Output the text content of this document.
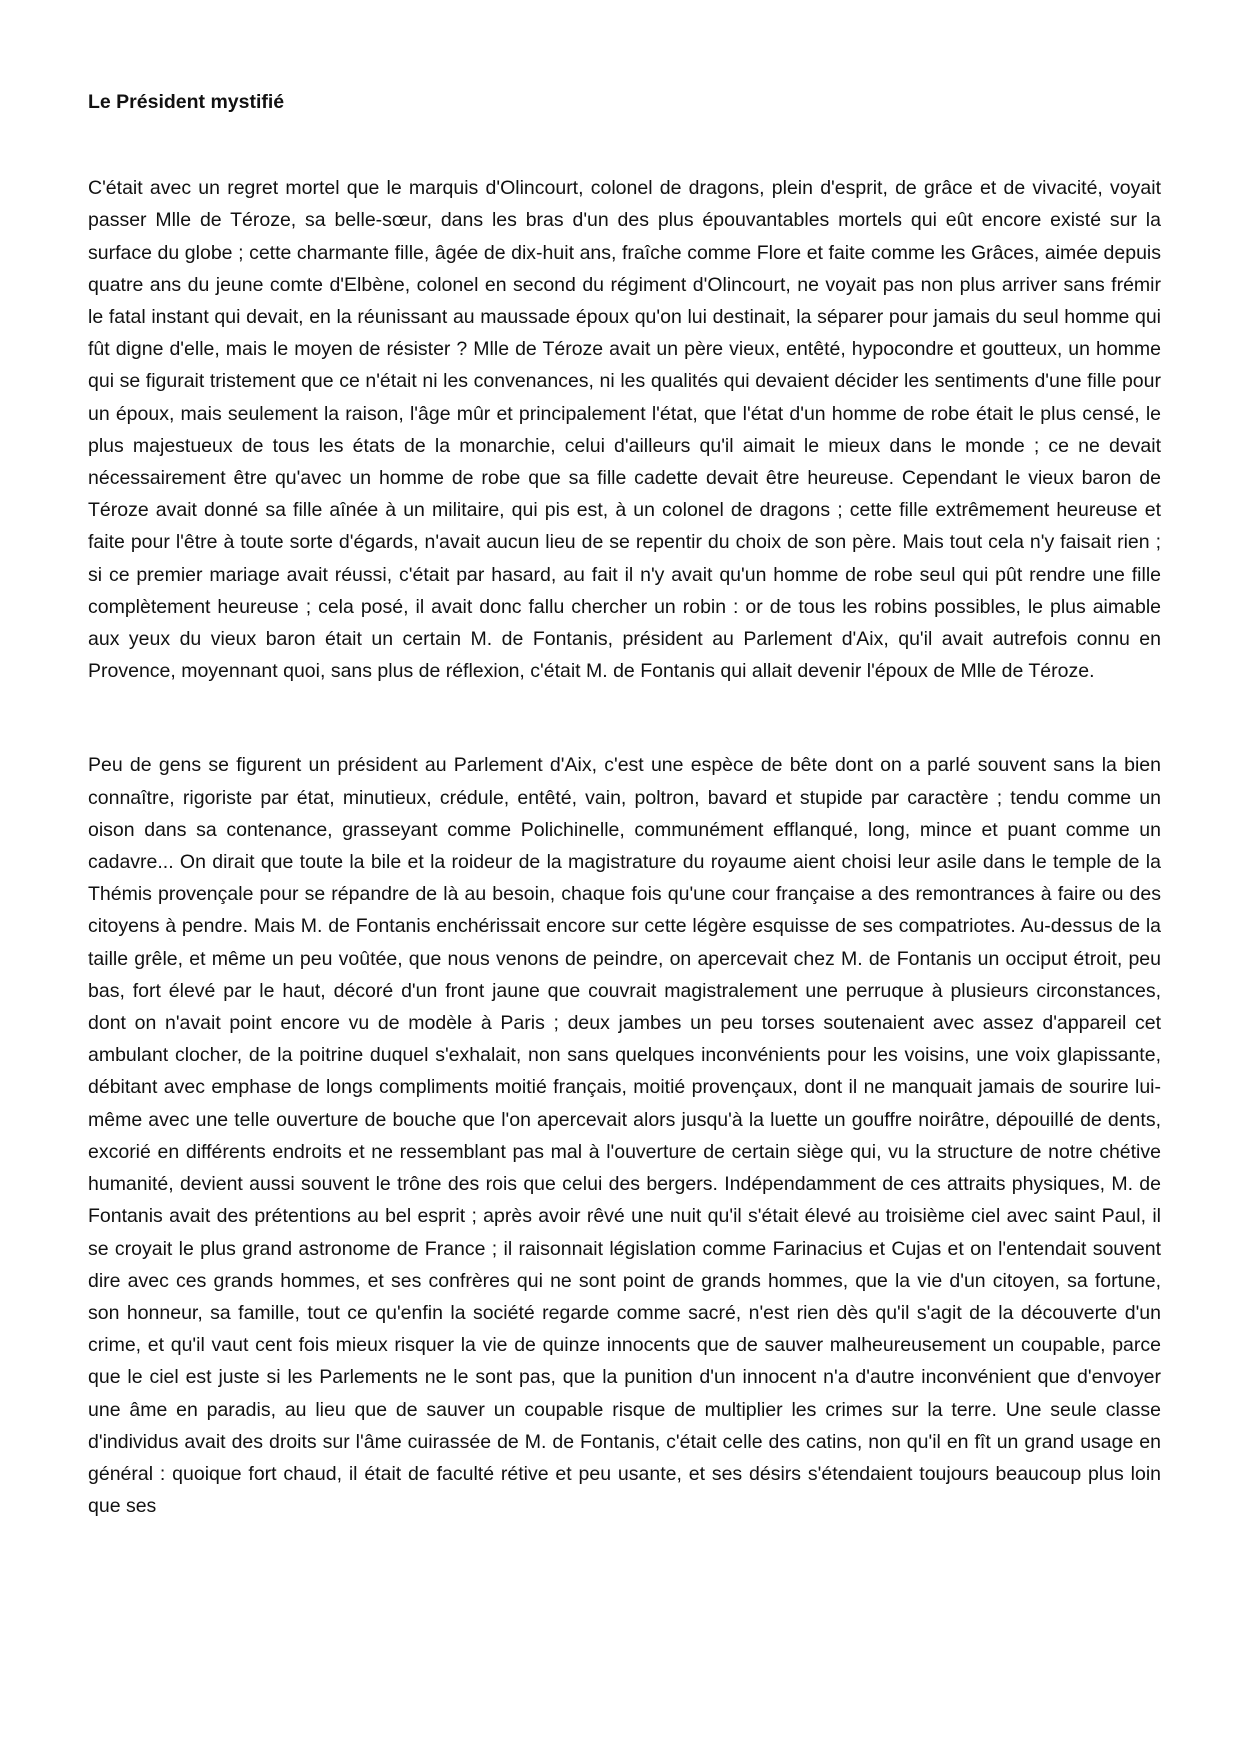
Le Président mystifié

C'était avec un regret mortel que le marquis d'Olincourt, colonel de dragons, plein d'esprit, de grâce et de vivacité, voyait passer Mlle de Téroze, sa belle-sœur, dans les bras d'un des plus épouvantables mortels qui eût encore existé sur la surface du globe ; cette charmante fille, âgée de dix-huit ans, fraîche comme Flore et faite comme les Grâces, aimée depuis quatre ans du jeune comte d'Elbène, colonel en second du régiment d'Olincourt, ne voyait pas non plus arriver sans frémir le fatal instant qui devait, en la réunissant au maussade époux qu'on lui destinait, la séparer pour jamais du seul homme qui fût digne d'elle, mais le moyen de résister ? Mlle de Téroze avait un père vieux, entêté, hypocondre et goutteux, un homme qui se figurait tristement que ce n'était ni les convenances, ni les qualités qui devaient décider les sentiments d'une fille pour un époux, mais seulement la raison, l'âge mûr et principalement l'état, que l'état d'un homme de robe était le plus censé, le plus majestueux de tous les états de la monarchie, celui d'ailleurs qu'il aimait le mieux dans le monde ; ce ne devait nécessairement être qu'avec un homme de robe que sa fille cadette devait être heureuse. Cependant le vieux baron de Téroze avait donné sa fille aînée à un militaire, qui pis est, à un colonel de dragons ; cette fille extrêmement heureuse et faite pour l'être à toute sorte d'égards, n'avait aucun lieu de se repentir du choix de son père. Mais tout cela n'y faisait rien ; si ce premier mariage avait réussi, c'était par hasard, au fait il n'y avait qu'un homme de robe seul qui pût rendre une fille complètement heureuse ; cela posé, il avait donc fallu chercher un robin : or de tous les robins possibles, le plus aimable aux yeux du vieux baron était un certain M. de Fontanis, président au Parlement d'Aix, qu'il avait autrefois connu en Provence, moyennant quoi, sans plus de réflexion, c'était M. de Fontanis qui allait devenir l'époux de Mlle de Téroze.

Peu de gens se figurent un président au Parlement d'Aix, c'est une espèce de bête dont on a parlé souvent sans la bien connaître, rigoriste par état, minutieux, crédule, entêté, vain, poltron, bavard et stupide par caractère ; tendu comme un oison dans sa contenance, grasseyant comme Polichinelle, communément efflanqué, long, mince et puant comme un cadavre... On dirait que toute la bile et la roideur de la magistrature du royaume aient choisi leur asile dans le temple de la Thémis provençale pour se répandre de là au besoin, chaque fois qu'une cour française a des remontrances à faire ou des citoyens à pendre. Mais M. de Fontanis enchérissait encore sur cette légère esquisse de ses compatriotes. Au-dessus de la taille grêle, et même un peu voûtée, que nous venons de peindre, on apercevait chez M. de Fontanis un occiput étroit, peu bas, fort élevé par le haut, décoré d'un front jaune que couvrait magistralement une perruque à plusieurs circonstances, dont on n'avait point encore vu de modèle à Paris ; deux jambes un peu torses soutenaient avec assez d'appareil cet ambulant clocher, de la poitrine duquel s'exhalait, non sans quelques inconvénients pour les voisins, une voix glapissante, débitant avec emphase de longs compliments moitié français, moitié provençaux, dont il ne manquait jamais de sourire lui-même avec une telle ouverture de bouche que l'on apercevait alors jusqu'à la luette un gouffre noirâtre, dépouillé de dents, excorié en différents endroits et ne ressemblant pas mal à l'ouverture de certain siège qui, vu la structure de notre chétive humanité, devient aussi souvent le trône des rois que celui des bergers. Indépendamment de ces attraits physiques, M. de Fontanis avait des prétentions au bel esprit ; après avoir rêvé une nuit qu'il s'était élevé au troisième ciel avec saint Paul, il se croyait le plus grand astronome de France ; il raisonnait législation comme Farinacius et Cujas et on l'entendait souvent dire avec ces grands hommes, et ses confrères qui ne sont point de grands hommes, que la vie d'un citoyen, sa fortune, son honneur, sa famille, tout ce qu'enfin la société regarde comme sacré, n'est rien dès qu'il s'agit de la découverte d'un crime, et qu'il vaut cent fois mieux risquer la vie de quinze innocents que de sauver malheureusement un coupable, parce que le ciel est juste si les Parlements ne le sont pas, que la punition d'un innocent n'a d'autre inconvénient que d'envoyer une âme en paradis, au lieu que de sauver un coupable risque de multiplier les crimes sur la terre. Une seule classe d'individus avait des droits sur l'âme cuirassée de M. de Fontanis, c'était celle des catins, non qu'il en fît un grand usage en général : quoique fort chaud, il était de faculté rétive et peu usante, et ses désirs s'étendaient toujours beaucoup plus loin que ses
